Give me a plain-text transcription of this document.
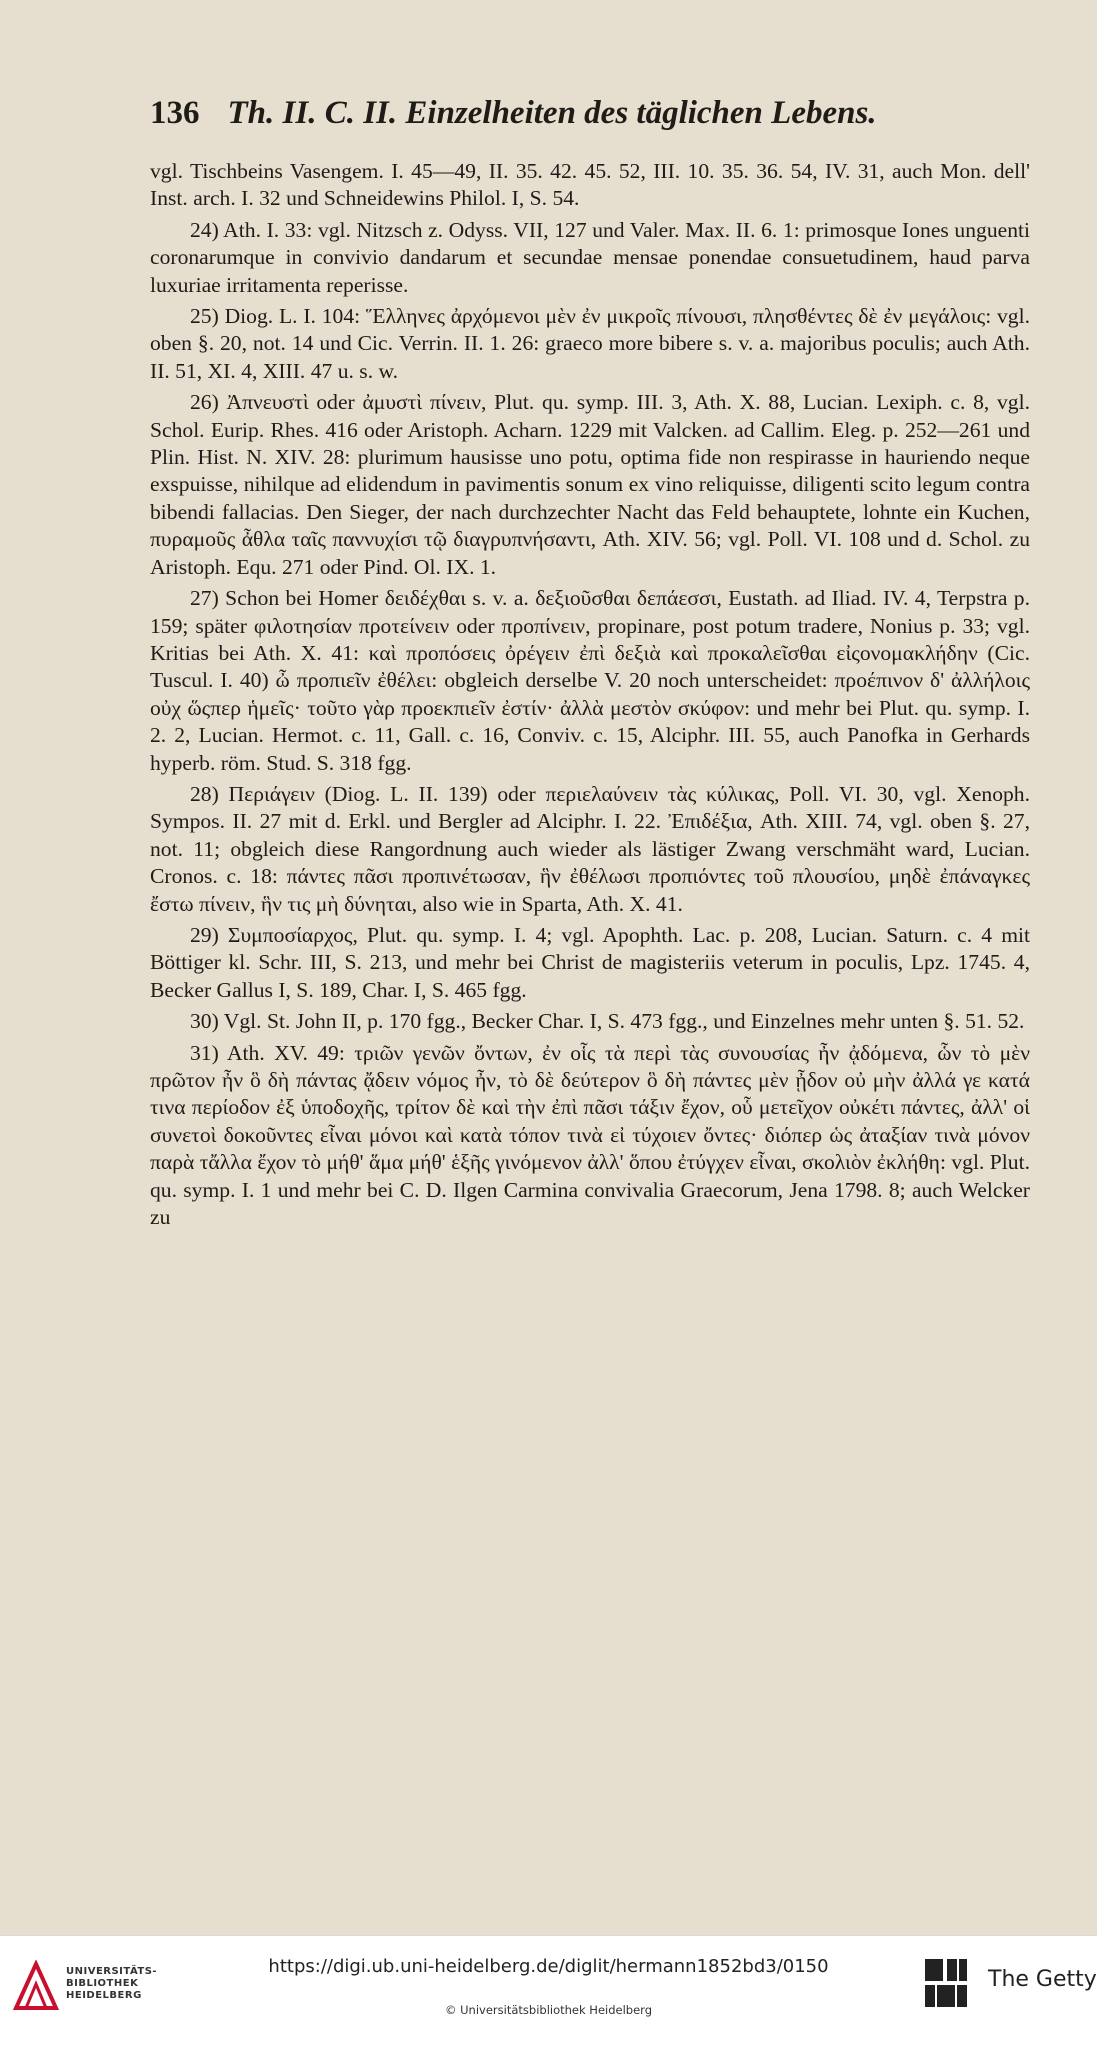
136 Th. II. C. II. Einzelheiten des täglichen Lebens.

vgl. Tischbeins Vasengem. I. 45—49, II. 35. 42. 45. 52, III. 10. 35. 36. 54, IV. 31, auch Mon. dell' Inst. arch. I. 32 und Schneidewins Philol. I, S. 54.

24) Ath. I. 33: vgl. Nitzsch z. Odyss. VII, 127 und Valer. Max. II. 6. 1: primosque Iones unguenti coronarumque in convivio dandarum et secundae mensae ponendae consuetudinem, haud parva luxuriae irritamenta reperisse.

25) Diog. L. I. 104: Ἕλληνες ἀρχόμενοι μὲν ἐν μικροῖς πίνουσι, πλησθέντες δὲ ἐν μεγάλοις: vgl. oben §. 20, not. 14 und Cic. Verrin. II. 1. 26: graeco more bibere s. v. a. majoribus poculis; auch Ath. II. 51, XI. 4, XIII. 47 u. s. w.

26) Ἀπνευστὶ oder ἀμυστὶ πίνειν, Plut. qu. symp. III. 3, Ath. X. 88, Lucian. Lexiph. c. 8, vgl. Schol. Eurip. Rhes. 416 oder Aristoph. Acharn. 1229 mit Valcken. ad Callim. Eleg. p. 252—261 und Plin. Hist. N. XIV. 28: plurimum hausisse uno potu, optima fide non respirasse in hauriendo neque exspuisse, nihilque ad elidendum in pavimentis sonum ex vino reliquisse, diligenti scito legum contra bibendi fallacias. Den Sieger, der nach durchzechter Nacht das Feld behauptete, lohnte ein Kuchen, πυραμοῦς ἆθλα ταῖς παννυχίσι τῷ διαγρυπνήσαντι, Ath. XIV. 56; vgl. Poll. VI. 108 und d. Schol. zu Aristoph. Equ. 271 oder Pind. Ol. IX. 1.

27) Schon bei Homer δειδέχθαι s. v. a. δεξιοῦσθαι δεπάεσσι, Eustath. ad Iliad. IV. 4, Terpstra p. 159; später φιλοτησίαν προτείνειν oder προπίνειν, propinare, post potum tradere, Nonius p. 33; vgl. Kritias bei Ath. X. 41: καὶ προπόσεις ὀρέγειν ἐπὶ δεξιὰ καὶ προκαλεῖσθαι εἰςονομακλήδην (Cic. Tuscul. I. 40) ὦ προπιεῖν ἐθέλει: obgleich derselbe V. 20 noch unterscheidet: προέπινον δ' ἀλλήλοις οὐχ ὥςπερ ἡμεῖς· τοῦτο γὰρ προεκπιεῖν ἐστίν· ἀλλὰ μεστὸν σκύφον: und mehr bei Plut. qu. symp. I. 2. 2, Lucian. Hermot. c. 11, Gall. c. 16, Conviv. c. 15, Alciphr. III. 55, auch Panofka in Gerhards hyperb. röm. Stud. S. 318 fgg.

28) Περιάγειν (Diog. L. II. 139) oder περιελαύνειν τὰς κύλικας, Poll. VI. 30, vgl. Xenoph. Sympos. II. 27 mit d. Erkl. und Bergler ad Alciphr. I. 22. Ἐπιδέξια, Ath. XIII. 74, vgl. oben §. 27, not. 11; obgleich diese Rangordnung auch wieder als lästiger Zwang verschmäht ward, Lucian. Cronos. c. 18: πάντες πᾶσι προπινέτωσαν, ἣν ἐθέλωσι προπιόντες τοῦ πλουσίου, μηδὲ ἐπάναγκες ἔστω πίνειν, ἣν τις μὴ δύνηται, also wie in Sparta, Ath. X. 41.

29) Συμποσίαρχος, Plut. qu. symp. I. 4; vgl. Apophth. Lac. p. 208, Lucian. Saturn. c. 4 mit Böttiger kl. Schr. III, S. 213, und mehr bei Christ de magisteriis veterum in poculis, Lpz. 1745. 4, Becker Gallus I, S. 189, Char. I, S. 465 fgg.

30) Vgl. St. John II, p. 170 fgg., Becker Char. I, S. 473 fgg., und Einzelnes mehr unten §. 51. 52.

31) Ath. XV. 49: τριῶν γενῶν ὄντων, ἐν οἷς τὰ περὶ τὰς συνουσίας ἦν ᾀδόμενα, ὧν τὸ μὲν πρῶτον ἦν ὃ δὴ πάντας ᾄδειν νόμος ἦν, τὸ δὲ δεύτερον ὃ δὴ πάντες μὲν ᾖδον οὐ μὴν ἀλλά γε κατά τινα περίοδον ἐξ ὑποδοχῆς, τρίτον δὲ καὶ τὴν ἐπὶ πᾶσι τάξιν ἔχον, οὗ μετεῖχον οὐκέτι πάντες, ἀλλ' οἱ συνετοὶ δοκοῦντες εἶναι μόνοι καὶ κατὰ τόπον τινὰ εἰ τύχοιεν ὄντες· διόπερ ὡς ἀταξίαν τινὰ μόνον παρὰ τἄλλα ἔχον τὸ μήθ' ἅμα μήθ' ἑξῆς γινόμενον ἀλλ' ὅπου ἐτύγχεν εἶναι, σκολιὸν ἐκλήθη: vgl. Plut. qu. symp. I. 1 und mehr bei C. D. Ilgen Carmina convivalia Graecorum, Jena 1798. 8; auch Welcker zu

UNIVERSITÄTS-BIBLIOTHEK HEIDELBERG
https://digi.ub.uni-heidelberg.de/diglit/hermann1852bd3/0150
© Universitätsbibliothek Heidelberg
The Getty
